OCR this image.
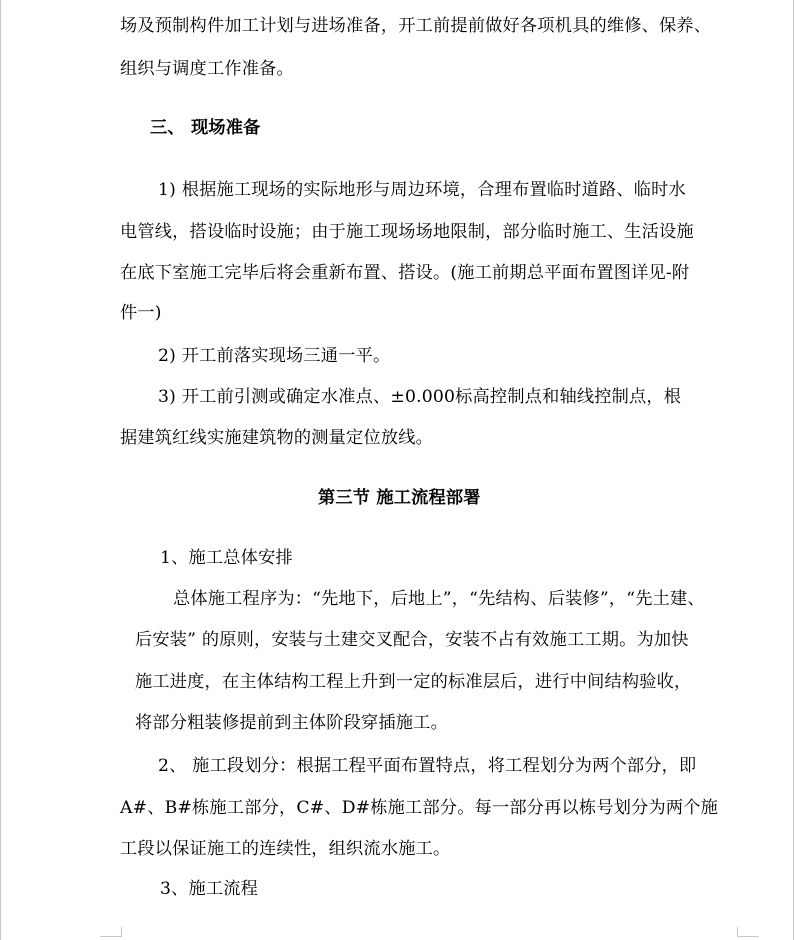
场及预制构件加工计划与进场准备，开工前提前做好各项机具的维修、保养、
组织与调度工作准备。
三、 现场准备
1) 根据施工现场的实际地形与周边环境，合理布置临时道路、临时水
电管线，搭设临时设施；由于施工现场场地限制，部分临时施工、生活设施
在底下室施工完毕后将会重新布置、搭设。(施工前期总平面布置图详见-附
件一)
2) 开工前落实现场三通一平。
3) 开工前引测或确定水准点、±0.000标高控制点和轴线控制点，根
据建筑红线实施建筑物的测量定位放线。
第三节 施工流程部署
1、施工总体安排
总体施工程序为：“先地下，后地上”，“先结构、后装修”，“先土建、
后安装” 的原则，安装与土建交叉配合，安装不占有效施工工期。为加快
施工进度，在主体结构工程上升到一定的标准层后，进行中间结构验收，
将部分粗装修提前到主体阶段穿插施工。
2、 施工段划分：根据工程平面布置特点，将工程划分为两个部分，即
A#、B#栋施工部分，C#、D#栋施工部分。每一部分再以栋号划分为两个施
工段以保证施工的连续性，组织流水施工。
3、施工流程
